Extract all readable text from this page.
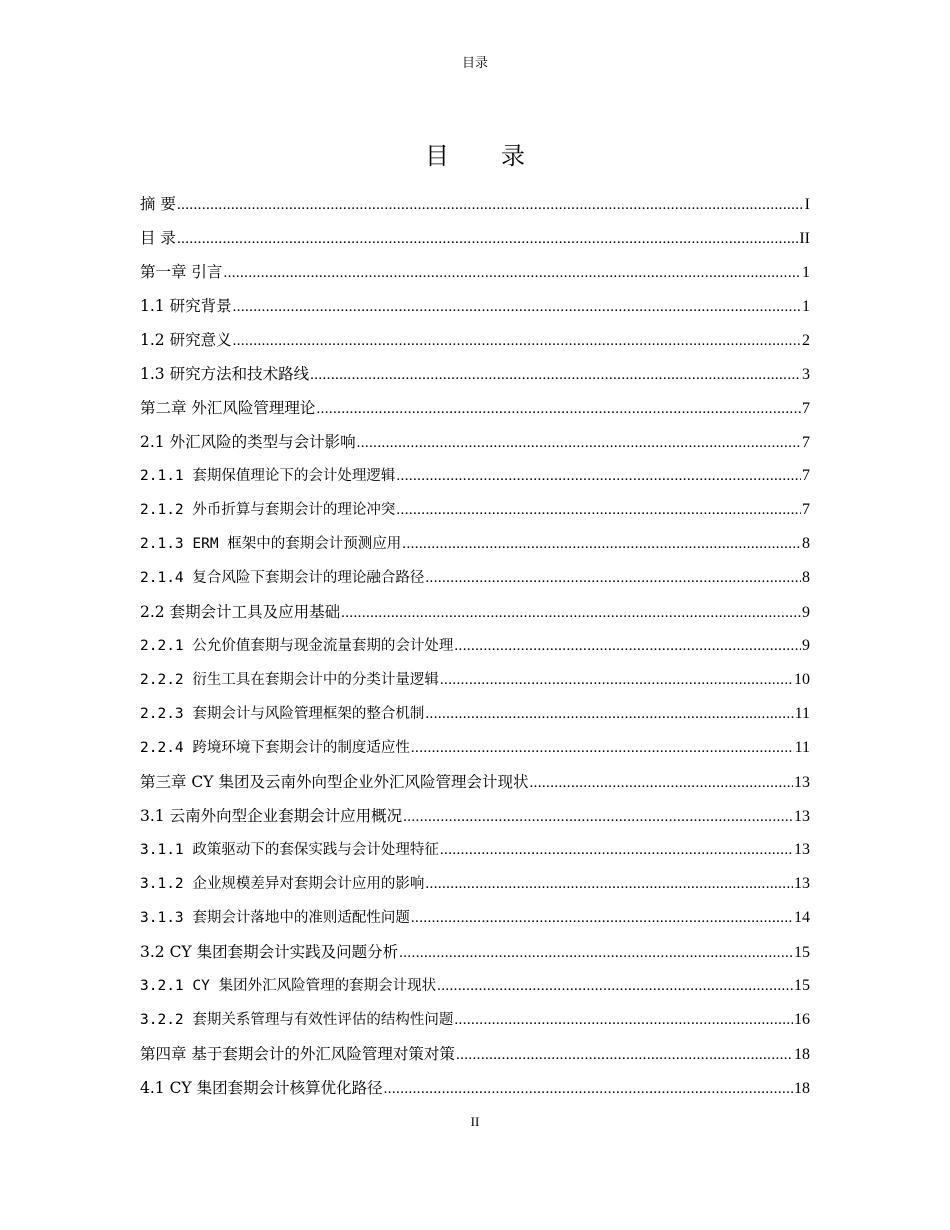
目录
目 录
摘 要 .....	I
目 录 .....	II
第一章 引言 .....	1
1.1 研究背景 .....	1
1.2 研究意义 .....	2
1.3 研究方法和技术路线 .....	3
第二章 外汇风险管理理论 .....	7
2.1 外汇风险的类型与会计影响 .....	7
2.1.1 套期保值理论下的会计处理逻辑 .....	7
2.1.2 外币折算与套期会计的理论冲突 .....	7
2.1.3 ERM 框架中的套期会计预测应用 .....	8
2.1.4 复合风险下套期会计的理论融合路径 .....	8
2.2 套期会计工具及应用基础 .....	9
2.2.1 公允价值套期与现金流量套期的会计处理 .....	9
2.2.2 衍生工具在套期会计中的分类计量逻辑 .....	10
2.2.3 套期会计与风险管理框架的整合机制 .....	11
2.2.4 跨境环境下套期会计的制度适应性 .....	11
第三章 CY 集团及云南外向型企业外汇风险管理会计现状 .....	13
3.1 云南外向型企业套期会计应用概况 .....	13
3.1.1 政策驱动下的套保实践与会计处理特征 .....	13
3.1.2 企业规模差异对套期会计应用的影响 .....	13
3.1.3 套期会计落地中的准则适配性问题 .....	14
3.2 CY 集团套期会计实践及问题分析 .....	15
3.2.1 CY 集团外汇风险管理的套期会计现状 .....	15
3.2.2 套期关系管理与有效性评估的结构性问题 .....	16
第四章 基于套期会计的外汇风险管理对策对策 .....	18
4.1 CY 集团套期会计核算优化路径 .....	18
II
